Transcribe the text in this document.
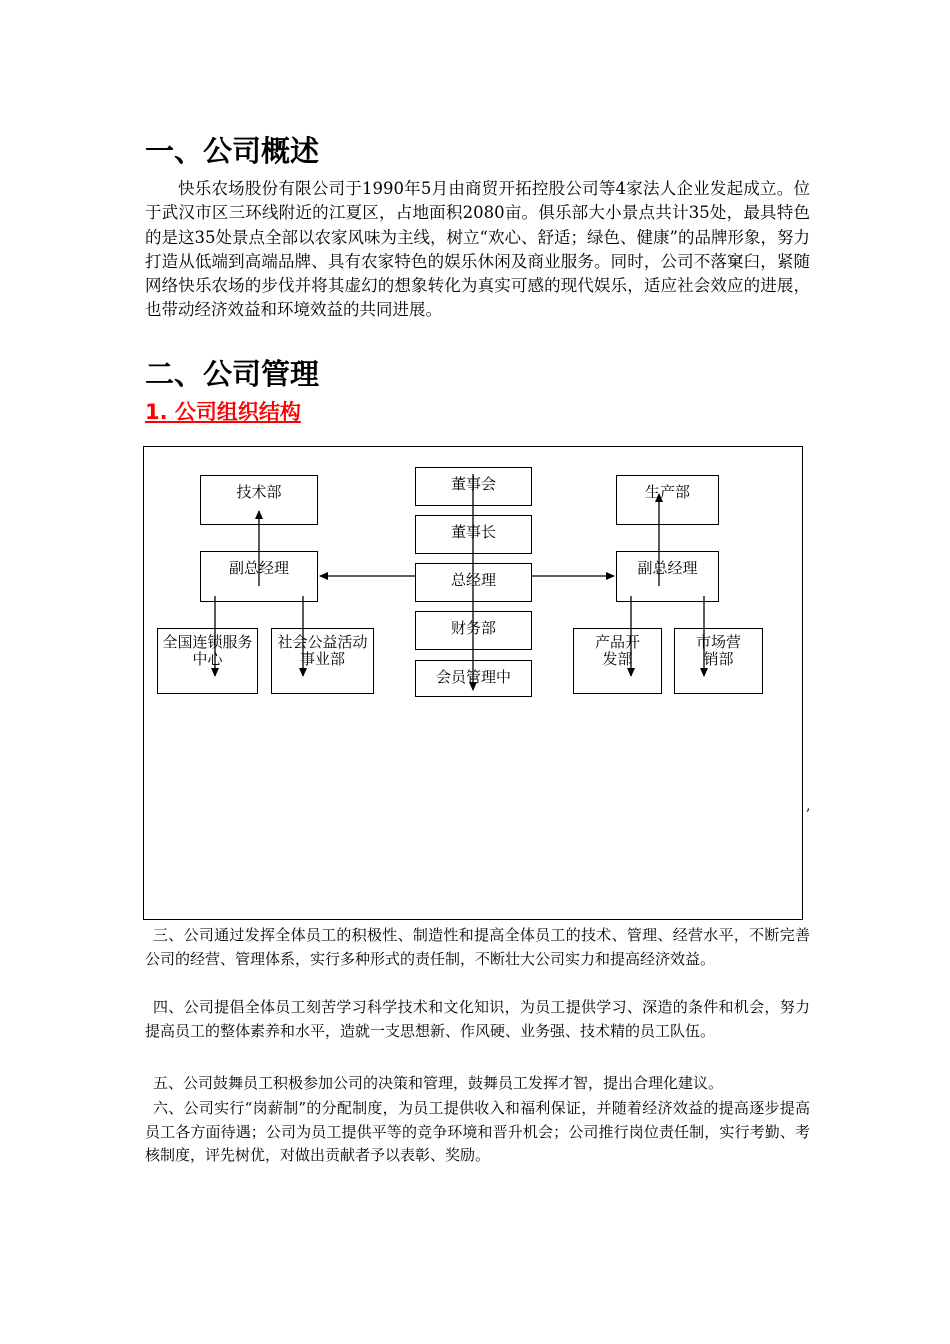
一、公司概述
快乐农场股份有限公司于1990年5月由商贸开拓控股公司等4家法人企业发起成立。位于武汉市区三环线附近的江夏区，占地面积2080亩。俱乐部大小景点共计35处，最具特色的是这35处景点全部以农家风味为主线，树立“欢心、舒适；绿色、健康”的品牌形象，努力打造从低端到高端品牌、具有农家特色的娱乐休闲及商业服务。同时，公司不落窠臼，紧随网络快乐农场的步伐并将其虚幻的想象转化为真实可感的现代娱乐，适应社会效应的进展，也带动经济效益和环境效益的共同进展。
二、公司管理
1. 公司组织结构
三、公司通过发挥全体员工的积极性、制造性和提高全体员工的技术、管理、经营水平，不断完善公司的经营、管理体系，实行多种形式的责任制，不断壮大公司实力和提高经济效益。
四、公司提倡全体员工刻苦学习科学技术和文化知识，为员工提供学习、深造的条件和机会，努力提高员工的整体素养和水平，造就一支思想新、作风硬、业务强、技术精的员工队伍。
五、公司鼓舞员工积极参加公司的决策和管理，鼓舞员工发挥才智，提出合理化建议。
六、公司实行“岗薪制”的分配制度，为员工提供收入和福利保证，并随着经济效益的提高逐步提高员工各方面待遇；公司为员工提供平等的竞争环境和晋升机会；公司推行岗位责任制，实行考勤、考核制度，评先树优，对做出贡献者予以表彰、奖励。
董事会
董事长
总经理
财务部
会员管理中
技术部
副总经理
全国连锁服务中心
社会公益活动事业部
生产部
副总经理
产品开发部
市场营销部
,
